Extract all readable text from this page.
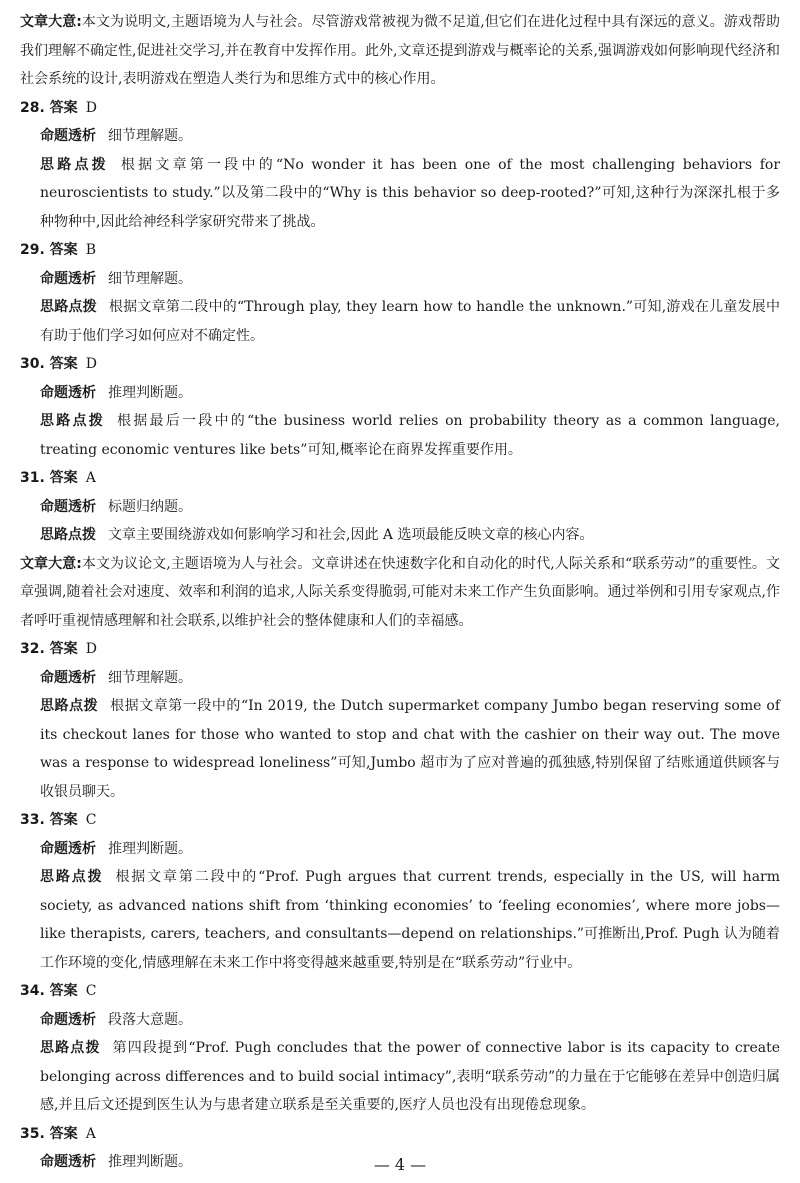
文章大意:本文为说明文,主题语境为人与社会。尽管游戏常被视为微不足道,但它们在进化过程中具有深远的意义。游戏帮助我们理解不确定性,促进社交学习,并在教育中发挥作用。此外,文章还提到游戏与概率论的关系,强调游戏如何影响现代经济和社会系统的设计,表明游戏在塑造人类行为和思维方式中的核心作用。
28. 答案 D
命题透析 细节理解题。
思路点拨 根据文章第一段中的“No wonder it has been one of the most challenging behaviors for neuroscientists to study.”以及第二段中的“Why is this behavior so deep-rooted?”可知,这种行为深深扎根于多种物种中,因此给神经科学家研究带来了挑战。
29. 答案 B
命题透析 细节理解题。
思路点拨 根据文章第二段中的“Through play, they learn how to handle the unknown.”可知,游戏在儿童发展中有助于他们学习如何应对不确定性。
30. 答案 D
命题透析 推理判断题。
思路点拨 根据最后一段中的“the business world relies on probability theory as a common language, treating economic ventures like bets”可知,概率论在商界发挥重要作用。
31. 答案 A
命题透析 标题归纳题。
思路点拨 文章主要围绕游戏如何影响学习和社会,因此 A 选项最能反映文章的核心内容。
文章大意:本文为议论文,主题语境为人与社会。文章讲述在快速数字化和自动化的时代,人际关系和“联系劳动”的重要性。文章强调,随着社会对速度、效率和利润的追求,人际关系变得脆弱,可能对未来工作产生负面影响。通过举例和引用专家观点,作者呼吁重视情感理解和社会联系,以维护社会的整体健康和人们的幸福感。
32. 答案 D
命题透析 细节理解题。
思路点拨 根据文章第一段中的“In 2019, the Dutch supermarket company Jumbo began reserving some of its checkout lanes for those who wanted to stop and chat with the cashier on their way out. The move was a response to widespread loneliness”可知,Jumbo 超市为了应对普遍的孤独感,特别保留了结账通道供顾客与收银员聊天。
33. 答案 C
命题透析 推理判断题。
思路点拨 根据文章第二段中的“Prof. Pugh argues that current trends, especially in the US, will harm society, as advanced nations shift from ‘thinking economies’ to ‘feeling economies’, where more jobs—like therapists, carers, teachers, and consultants—depend on relationships.”可推断出,Prof. Pugh 认为随着工作环境的变化,情感理解在未来工作中将变得越来越重要,特别是在“联系劳动”行业中。
34. 答案 C
命题透析 段落大意题。
思路点拨 第四段提到“Prof. Pugh concludes that the power of connective labor is its capacity to create belonging across differences and to build social intimacy”,表明“联系劳动”的力量在于它能够在差异中创造归属感,并且后文还提到医生认为与患者建立联系是至关重要的,医疗人员也没有出现倦怠现象。
35. 答案 A
命题透析 推理判断题。	— 4 —
